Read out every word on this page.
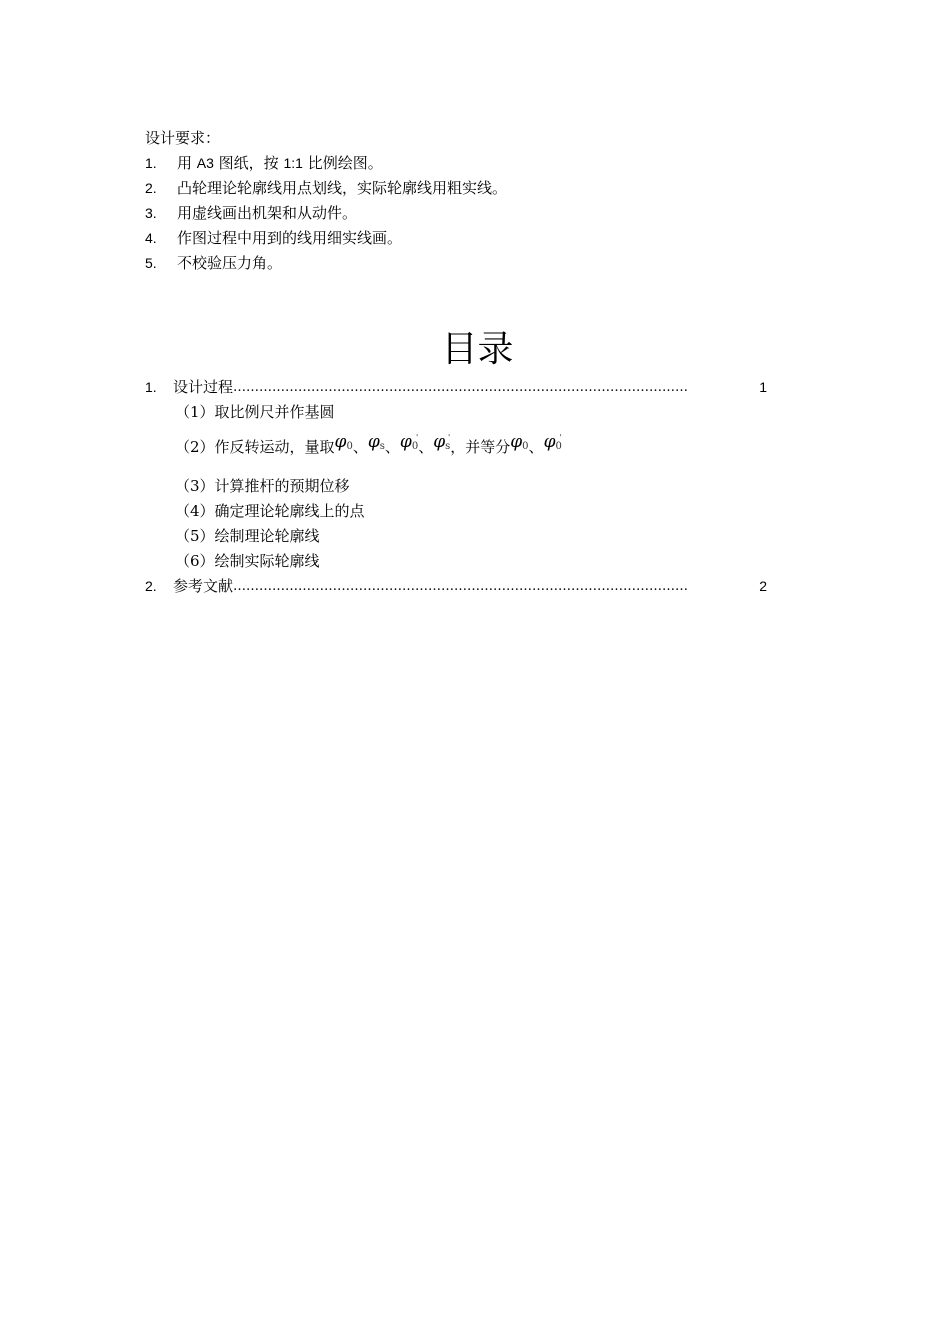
设计要求：
1. 用 A3 图纸，按 1:1 比例绘图。
2. 凸轮理论轮廓线用点划线，实际轮廓线用粗实线。
3. 用虚线画出机架和从动件。
4. 作图过程中用到的线用细实线画。
5. 不校验压力角。
目录
1.	设计过程 ……………………………………………………………………………………………	1
（1）取比例尺并作基圆
（2）作反转运动，量取$\varphi_0$、$\varphi_s$、$\varphi_0$
'
、$\varphi_s$
'
，并等分$\varphi_0$、$\varphi_0$
'
（3）计算推杆的预期位移
（4）确定理论轮廓线上的点
（5）绘制理论轮廓线
（6）绘制实际轮廓线
2.	参考文献 ……………………………………………………………………………………………	2
